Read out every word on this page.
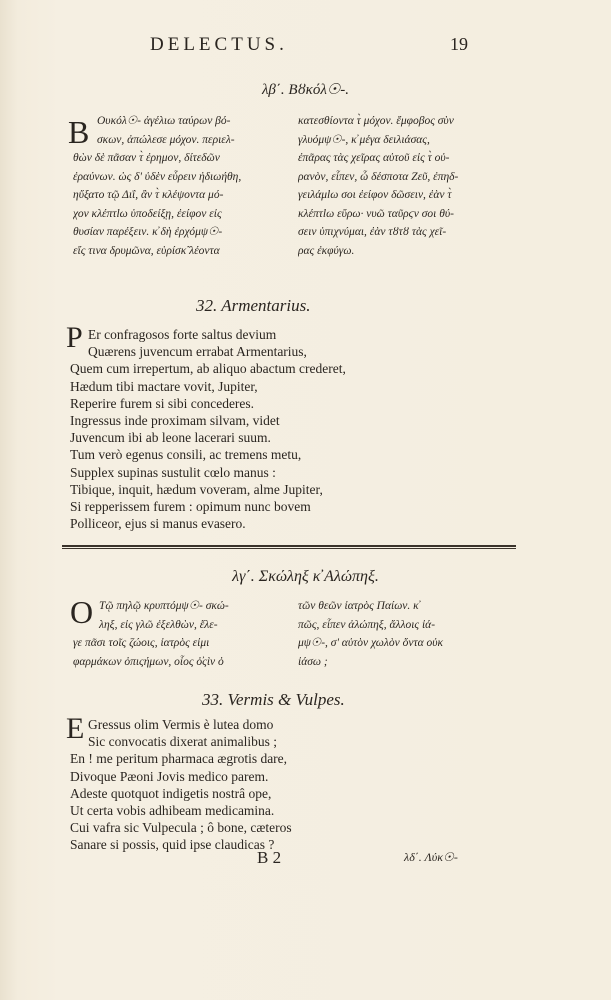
DELECTUS.	19
λβ΄. Βȣκόλ☉-.
B Ουκόλ☉- ἀγέλιω ταύρων βό-
σκων, ἀπώλεσε μόχον. περιελ-
θὼν δὲ πᾶσαν τ̀ ἐρημον, δίτεδῶν
ἐραύνων. ὡς δ' ὐδὲν εὗρειν ἠδιωήθη,
ηὔξατο τῷ Διΐ, ἂν τ̀ κλέψοντα μό-
χον κλέπτlω ὑποδείξῃ, ἐείφον εἰς
θυσίαν παρέξειν. κ̓ δὴ ἐρχόμψ☉-
εἴς τινα δρυμῶνα, εὑρίσκ̃ λέοντα
κατεσθίοντα τ̀ μόχον. ἔμφοβος σὺν
γλυόμψ☉-, κ̓ μέγα δειλιάσας,
ἐπᾶρας τὰς χεῖρας αὐτοῦ εἰς τ̀ οὐ-
ρανὸν, εἶπεν, ὦ δέσποτα Ζεῦ, ἐπηδ-
γειλάμlω σοι ἐείφον δῶσειν, ἐὰν τ̀
κλέπτlω εὕρω· νυῶ ταῦρϛν σοι θύ-
σειν ὑπιχνύμαι, ἐὰν τȣτȣ τὰς χεῖ-
ρας ἐκφύγω.
32. Armentarius.
P Er confragosos forte saltus devium
Quærens juvencum errabat Armentarius,
Quem cum irrepertum, ab aliquo abactum crederet,
Hædum tibi mactare vovit, Jupiter,
Reperire furem si sibi concederes.
Ingressus inde proximam silvam, videt
Juvencum ibi ab leone lacerari suum.
Tum verò egenus consili, ac tremens metu,
Supplex supinas sustulit cœlo manus :
Tibique, inquit, hædum voveram, alme Jupiter,
Si repperissem furem : opimum nunc bovem
Polliceor, ejus si manus evasero.
λγ΄. Σκώληξ κ̓ Αλώπηξ.
O Τῷ πηλῷ κρυπτόμψ☉- σκώ-
ληξ, εἰς γλῶ ἐξελθὼν, ἔλε-
γε πᾶσι τοῖς ζώοις, ἰατρὸς εἰμι
φαρμάκων ὀπιςήμων, οἷος ὁ̓ςὶν ὁ
τῶν θεῶν ἰατρὸς Παίων. κ̓
πῶς, εἶπεν ἀλώπηξ, ἄλλοις ἰά-
μψ☉-, σ' αὐτὸν χωλὸν ὄντα οὐκ
ἰάσω ;
33. Vermis & Vulpes.
E Gressus olim Vermis è lutea domo
Sic convocatis dixerat animalibus ;
En ! me peritum pharmaca ægrotis dare,
Divoque Pæoni Jovis medico parem.
Adeste quotquot indigetis nostrâ ope,
Ut certa vobis adhibeam medicamina.
Cui vafra sic Vulpecula ; ô bone, cæteros
Sanare si possis, quid ipse claudicas ?
B 2	λδ΄. Λύκ☉-
